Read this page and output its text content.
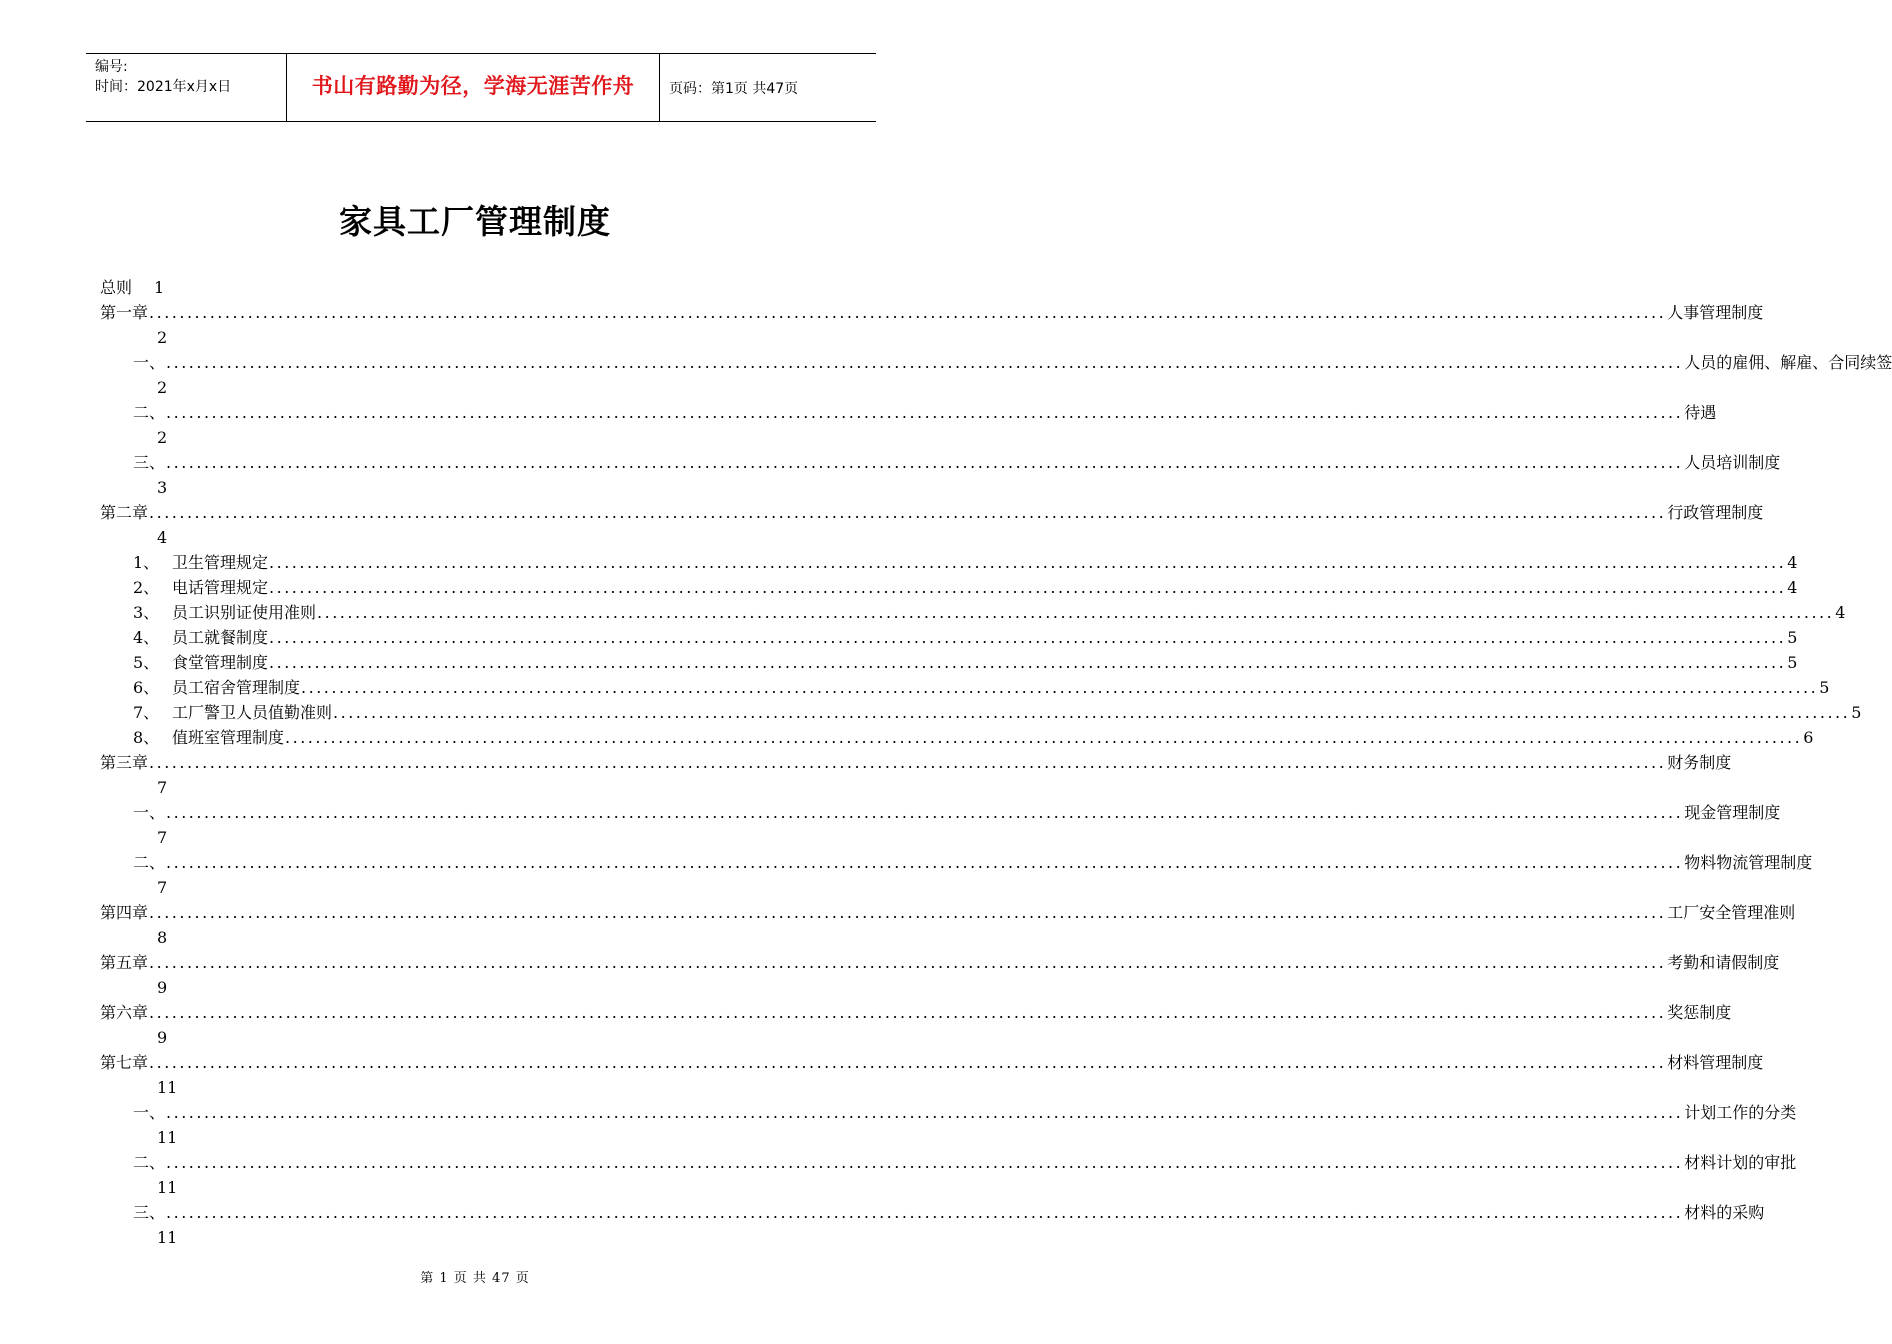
编号:
时间：2021年x月x日	书山有路勤为径，学海无涯苦作舟	页码：第1页 共47页
家具工厂管理制度
总则 1
第一章 ........................................................................................................................................................................................................ 人事管理制度
2
一、 ........................................................................................................................................................................................................ 人员的雇佣、解雇、合同续签
2
二、 ........................................................................................................................................................................................................ 待遇
2
三、 ........................................................................................................................................................................................................ 人员培训制度
3
第二章 ........................................................................................................................................................................................................ 行政管理制度
4
1、 卫生管理规定 ........................................................................................................................................................................................................ 4
2、 电话管理规定 ........................................................................................................................................................................................................ 4
3、 员工识别证使用准则 ........................................................................................................................................................................................................ 4
4、 员工就餐制度 ........................................................................................................................................................................................................ 5
5、 食堂管理制度 ........................................................................................................................................................................................................ 5
6、 员工宿舍管理制度 ........................................................................................................................................................................................................ 5
7、 工厂警卫人员值勤准则 ........................................................................................................................................................................................................ 5
8、 值班室管理制度 ........................................................................................................................................................................................................ 6
第三章 ........................................................................................................................................................................................................ 财务制度
7
一、 ........................................................................................................................................................................................................ 现金管理制度
7
二、 ........................................................................................................................................................................................................ 物料物流管理制度
7
第四章 ........................................................................................................................................................................................................ 工厂安全管理准则
8
第五章 ........................................................................................................................................................................................................ 考勤和请假制度
9
第六章 ........................................................................................................................................................................................................ 奖惩制度
9
第七章 ........................................................................................................................................................................................................ 材料管理制度
11
一、 ........................................................................................................................................................................................................ 计划工作的分类
11
二、 ........................................................................................................................................................................................................ 材料计划的审批
11
三、 ........................................................................................................................................................................................................ 材料的采购
11
第 1 页 共 47 页
